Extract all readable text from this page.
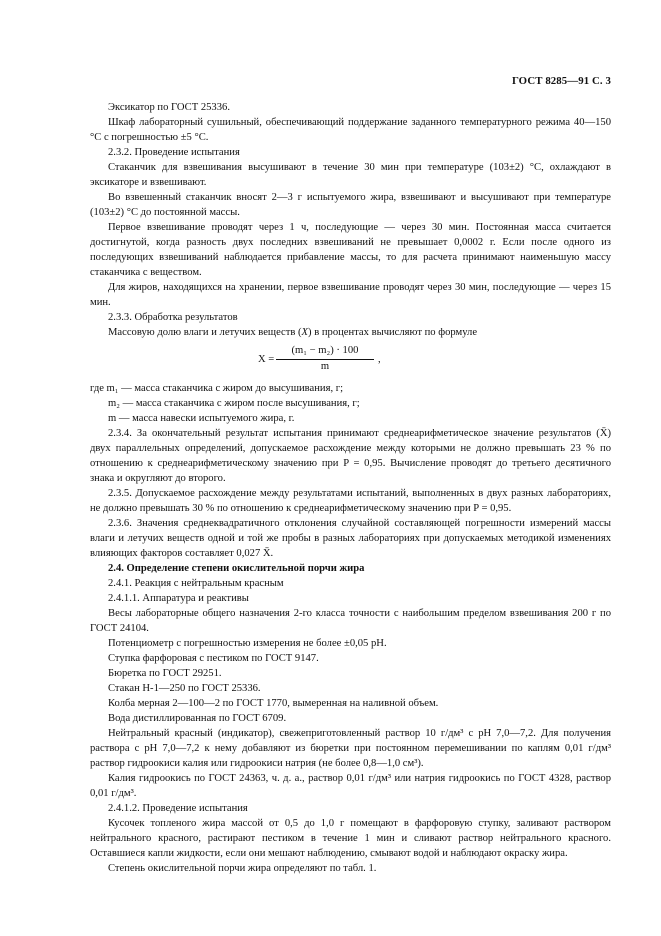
ГОСТ 8285—91 С. 3

Эксикатор по ГОСТ 25336.

Шкаф лабораторный сушильный, обеспечивающий поддержание заданного температурного режима 40—150 °С с погрешностью ±5 °С.

2.3.2. Проведение испытания

Стаканчик для взвешивания высушивают в течение 30 мин при температуре (103±2) °С, охлаждают в эксикаторе и взвешивают.

Во взвешенный стаканчик вносят 2—3 г испытуемого жира, взвешивают и высушивают при температуре (103±2) °С до постоянной массы.

Первое взвешивание проводят через 1 ч, последующие — через 30 мин. Постоянная масса считается достигнутой, когда разность двух последних взвешиваний не превышает 0,0002 г. Если после одного из последующих взвешиваний наблюдается прибавление массы, то для расчета принимают наименьшую массу стаканчика с веществом.

Для жиров, находящихся на хранении, первое взвешивание проводят через 30 мин, последующие — через 15 мин.

2.3.3. Обработка результатов

Массовую долю влаги и летучих веществ (X) в процентах вычисляют по формуле

$X = \frac{\text{(m₁ − m₂) · 100}}{m}$ ,

где m₁ — масса стаканчика с жиром до высушивания, г;

m₂ — масса стаканчика с жиром после высушивания, г;

m — масса навески испытуемого жира, г.

2.3.4. За окончательный результат испытания принимают среднеарифметическое значение результатов (X̄) двух параллельных определений, допускаемое расхождение между которыми не должно превышать 23 % по отношению к среднеарифметическому значению при P = 0,95. Вычисление проводят до третьего десятичного знака и округляют до второго.

2.3.5. Допускаемое расхождение между результатами испытаний, выполненных в двух разных лабораториях, не должно превышать 30 % по отношению к среднеарифметическому значению при P = 0,95.

2.3.6. Значения среднеквадратичного отклонения случайной составляющей погрешности измерений массы влаги и летучих веществ одной и той же пробы в разных лабораториях при допускаемых методикой изменениях влияющих факторов составляет 0,027 X̄.

2.4. Определение степени окислительной порчи жира

2.4.1. Реакция с нейтральным красным

2.4.1.1. Аппаратура и реактивы

Весы лабораторные общего назначения 2-го класса точности с наибольшим пределом взвешивания 200 г по ГОСТ 24104.

Потенциометр с погрешностью измерения не более ±0,05 pH.

Ступка фарфоровая с пестиком по ГОСТ 9147.

Бюретка по ГОСТ 29251.

Стакан Н-1—250 по ГОСТ 25336.

Колба мерная 2—100—2 по ГОСТ 1770, вымеренная на наливной объем.

Вода дистиллированная по ГОСТ 6709.

Нейтральный красный (индикатор), свежеприготовленный раствор 10 г/дм³ с pH 7,0—7,2. Для получения раствора с pH 7,0—7,2 к нему добавляют из бюретки при постоянном перемешивании по каплям 0,01 г/дм³ раствор гидроокиси калия или гидроокиси натрия (не более 0,8—1,0 см³).

Калия гидроокись по ГОСТ 24363, ч. д. а., раствор 0,01 г/дм³ или натрия гидроокись по ГОСТ 4328, раствор 0,01 г/дм³.

2.4.1.2. Проведение испытания

Кусочек топленого жира массой от 0,5 до 1,0 г помещают в фарфоровую ступку, заливают раствором нейтрального красного, растирают пестиком в течение 1 мин и сливают раствор нейтрального красного. Оставшиеся капли жидкости, если они мешают наблюдению, смывают водой и наблюдают окраску жира.

Степень окислительной порчи жира определяют по табл. 1.
